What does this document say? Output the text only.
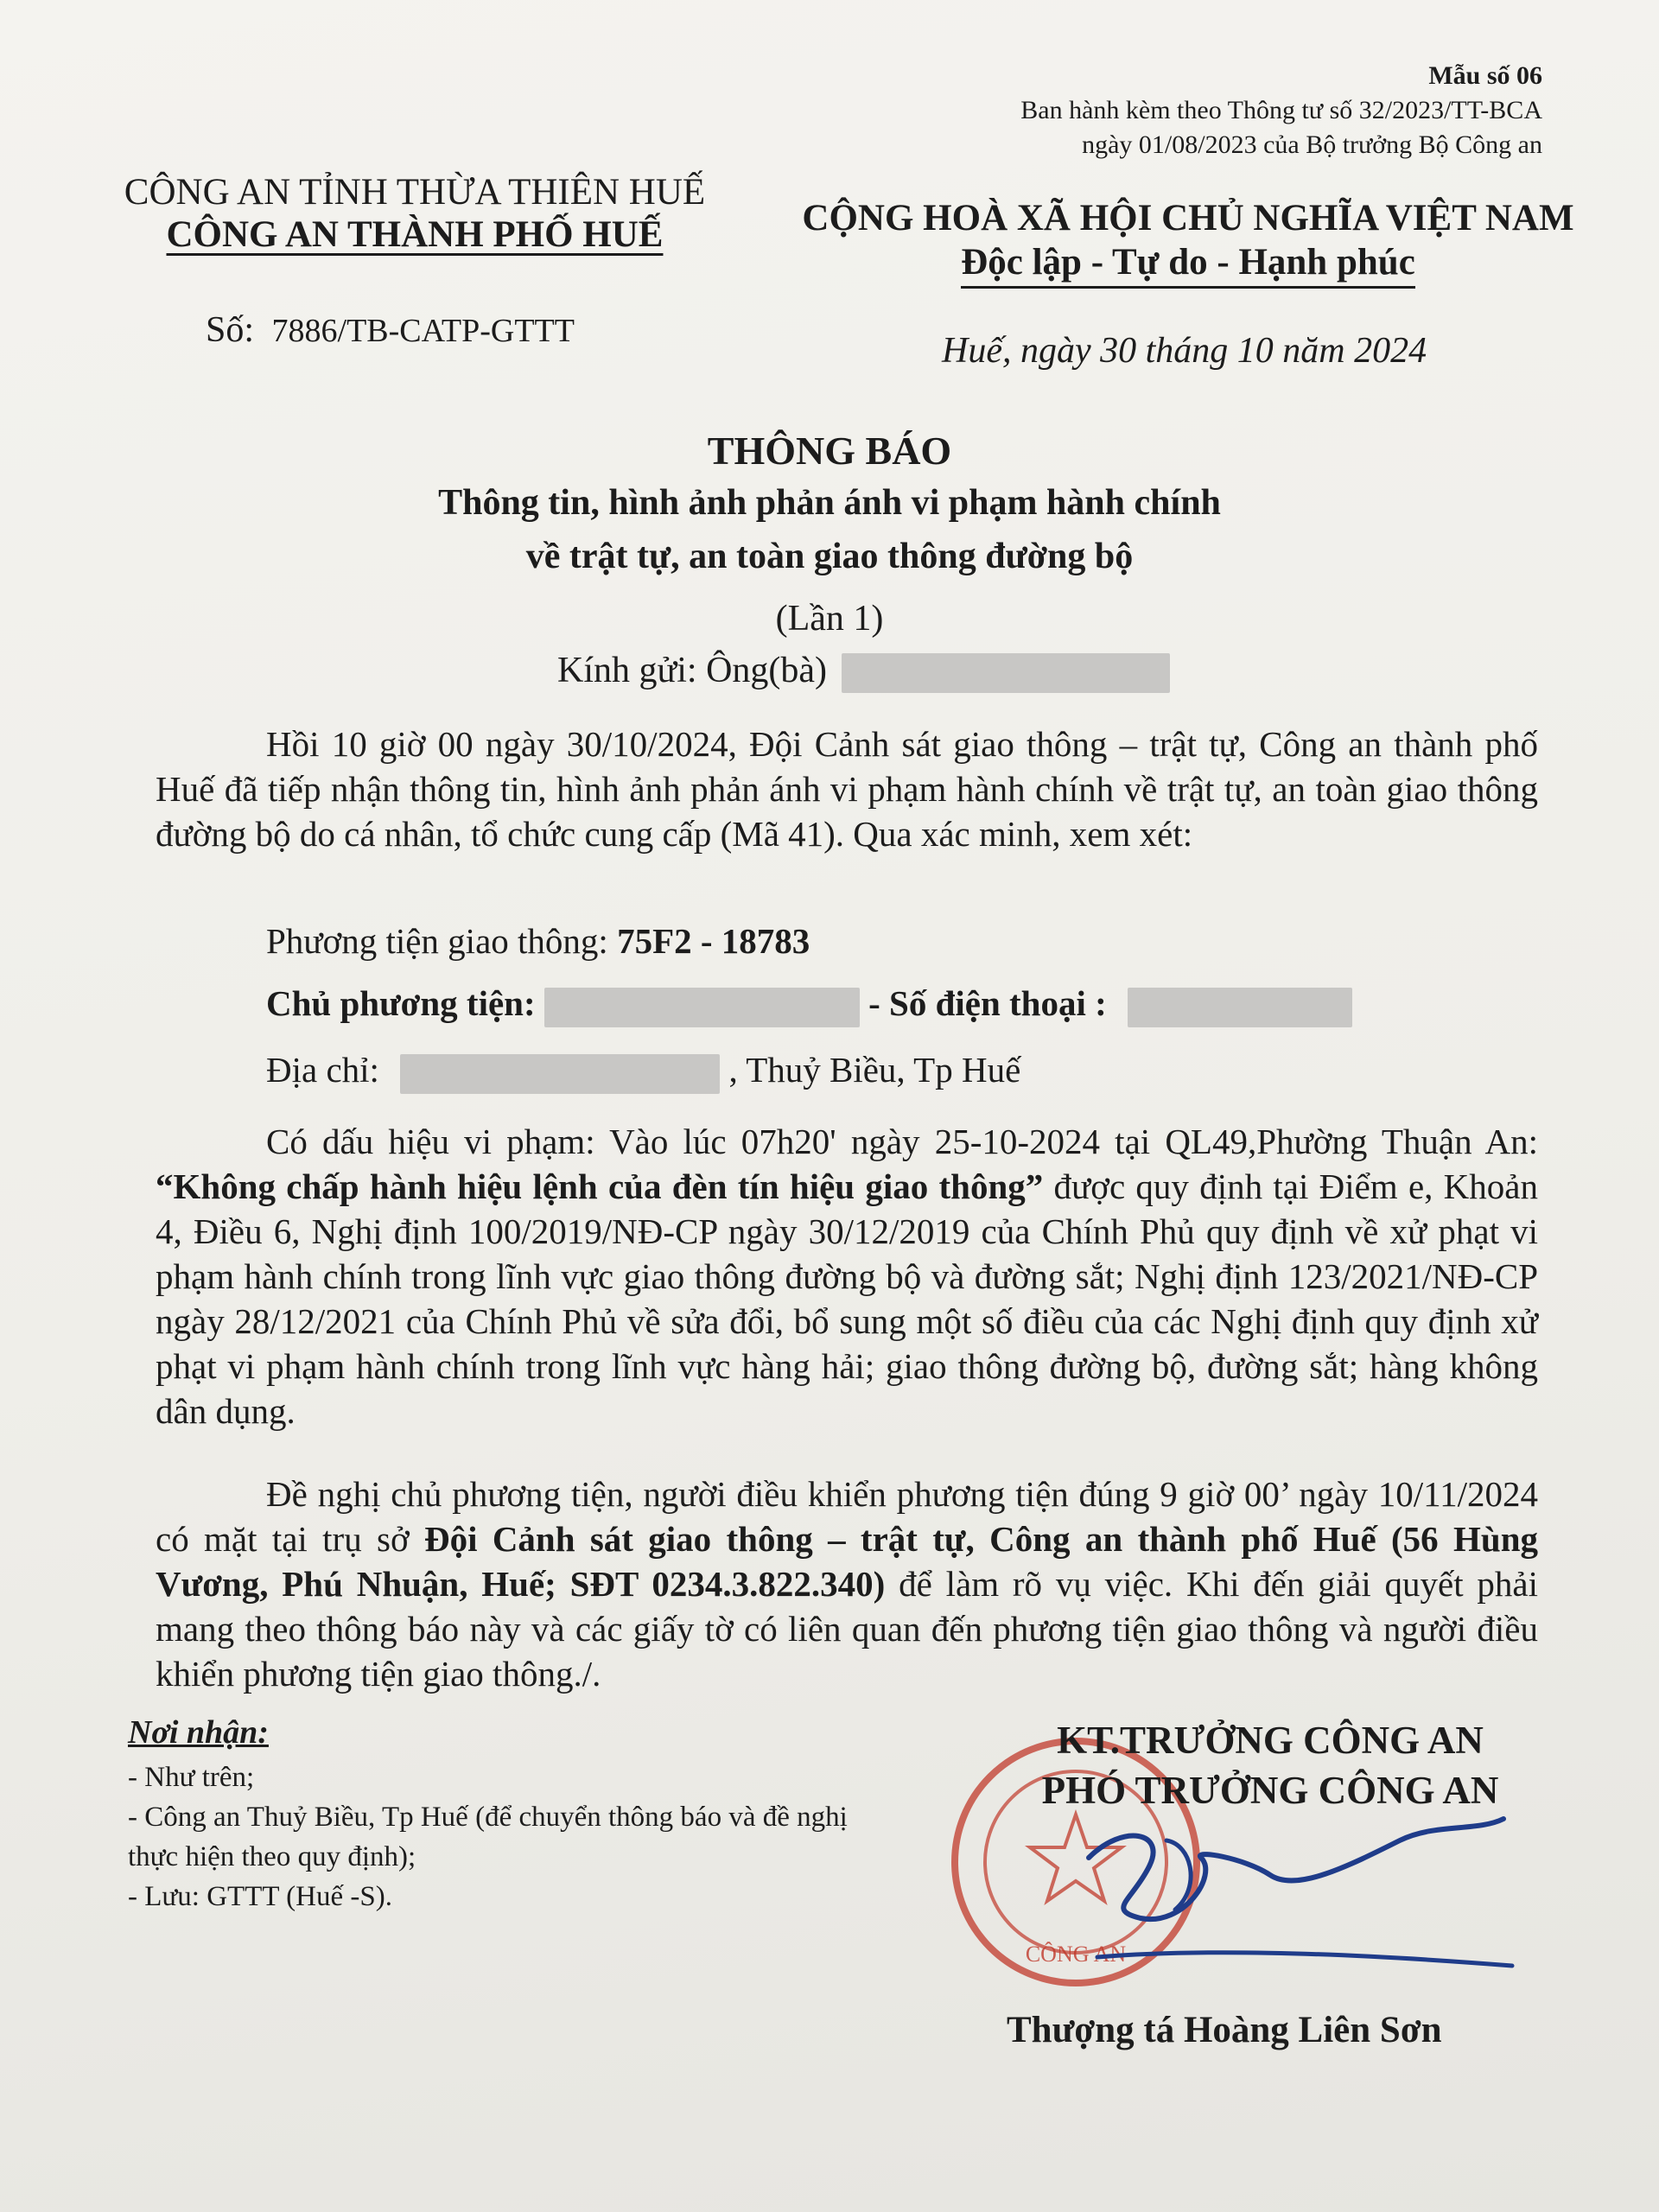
Mẫu số 06
Ban hành kèm theo Thông tư số 32/2023/TT-BCA
ngày 01/08/2023 của Bộ trưởng Bộ Công an
CÔNG AN TỈNH THỪA THIÊN HUẾ
CÔNG AN THÀNH PHỐ HUẾ
Số: 7886/TB-CATP-GTTT
CỘNG HOÀ XÃ HỘI CHỦ NGHĨA VIỆT NAM
Độc lập - Tự do - Hạnh phúc
Huế, ngày 30 tháng 10 năm 2024
THÔNG BÁO
Thông tin, hình ảnh phản ánh vi phạm hành chính
về trật tự, an toàn giao thông đường bộ
(Lần 1)
Kính gửi: Ông(bà)

Hồi 10 giờ 00 ngày 30/10/2024, Đội Cảnh sát giao thông – trật tự, Công an thành phố Huế đã tiếp nhận thông tin, hình ảnh phản ánh vi phạm hành chính về trật tự, an toàn giao thông đường bộ do cá nhân, tổ chức cung cấp (Mã 41). Qua xác minh, xem xét:

Phương tiện giao thông: 75F2 - 18783
Chủ phương tiện:	- Số điện thoại :
Địa chỉ:	, Thuỷ Biều, Tp Huế

Có dấu hiệu vi phạm: Vào lúc 07h20' ngày 25-10-2024 tại QL49,Phường Thuận An: “Không chấp hành hiệu lệnh của đèn tín hiệu giao thông” được quy định tại Điểm e, Khoản 4, Điều 6, Nghị định 100/2019/NĐ-CP ngày 30/12/2019 của Chính Phủ quy định về xử phạt vi phạm hành chính trong lĩnh vực giao thông đường bộ và đường sắt; Nghị định 123/2021/NĐ-CP ngày 28/12/2021 của Chính Phủ về sửa đổi, bổ sung một số điều của các Nghị định quy định xử phạt vi phạm hành chính trong lĩnh vực hàng hải; giao thông đường bộ, đường sắt; hàng không dân dụng.

Đề nghị chủ phương tiện, người điều khiển phương tiện đúng 9 giờ 00’ ngày 10/11/2024 có mặt tại trụ sở Đội Cảnh sát giao thông – trật tự, Công an thành phố Huế (56 Hùng Vương, Phú Nhuận, Huế; SĐT 0234.3.822.340) để làm rõ vụ việc. Khi đến giải quyết phải mang theo thông báo này và các giấy tờ có liên quan đến phương tiện giao thông và người điều khiển phương tiện giao thông./.

Nơi nhận:
- Như trên;
- Công an Thuỷ Biều, Tp Huế (để chuyển thông báo và đề nghị thực hiện theo quy định);
- Lưu: GTTT (Huế -S).
CÔNG AN
KT.TRƯỞNG CÔNG AN
PHÓ TRƯỞNG CÔNG AN
Thượng tá Hoàng Liên Sơn
